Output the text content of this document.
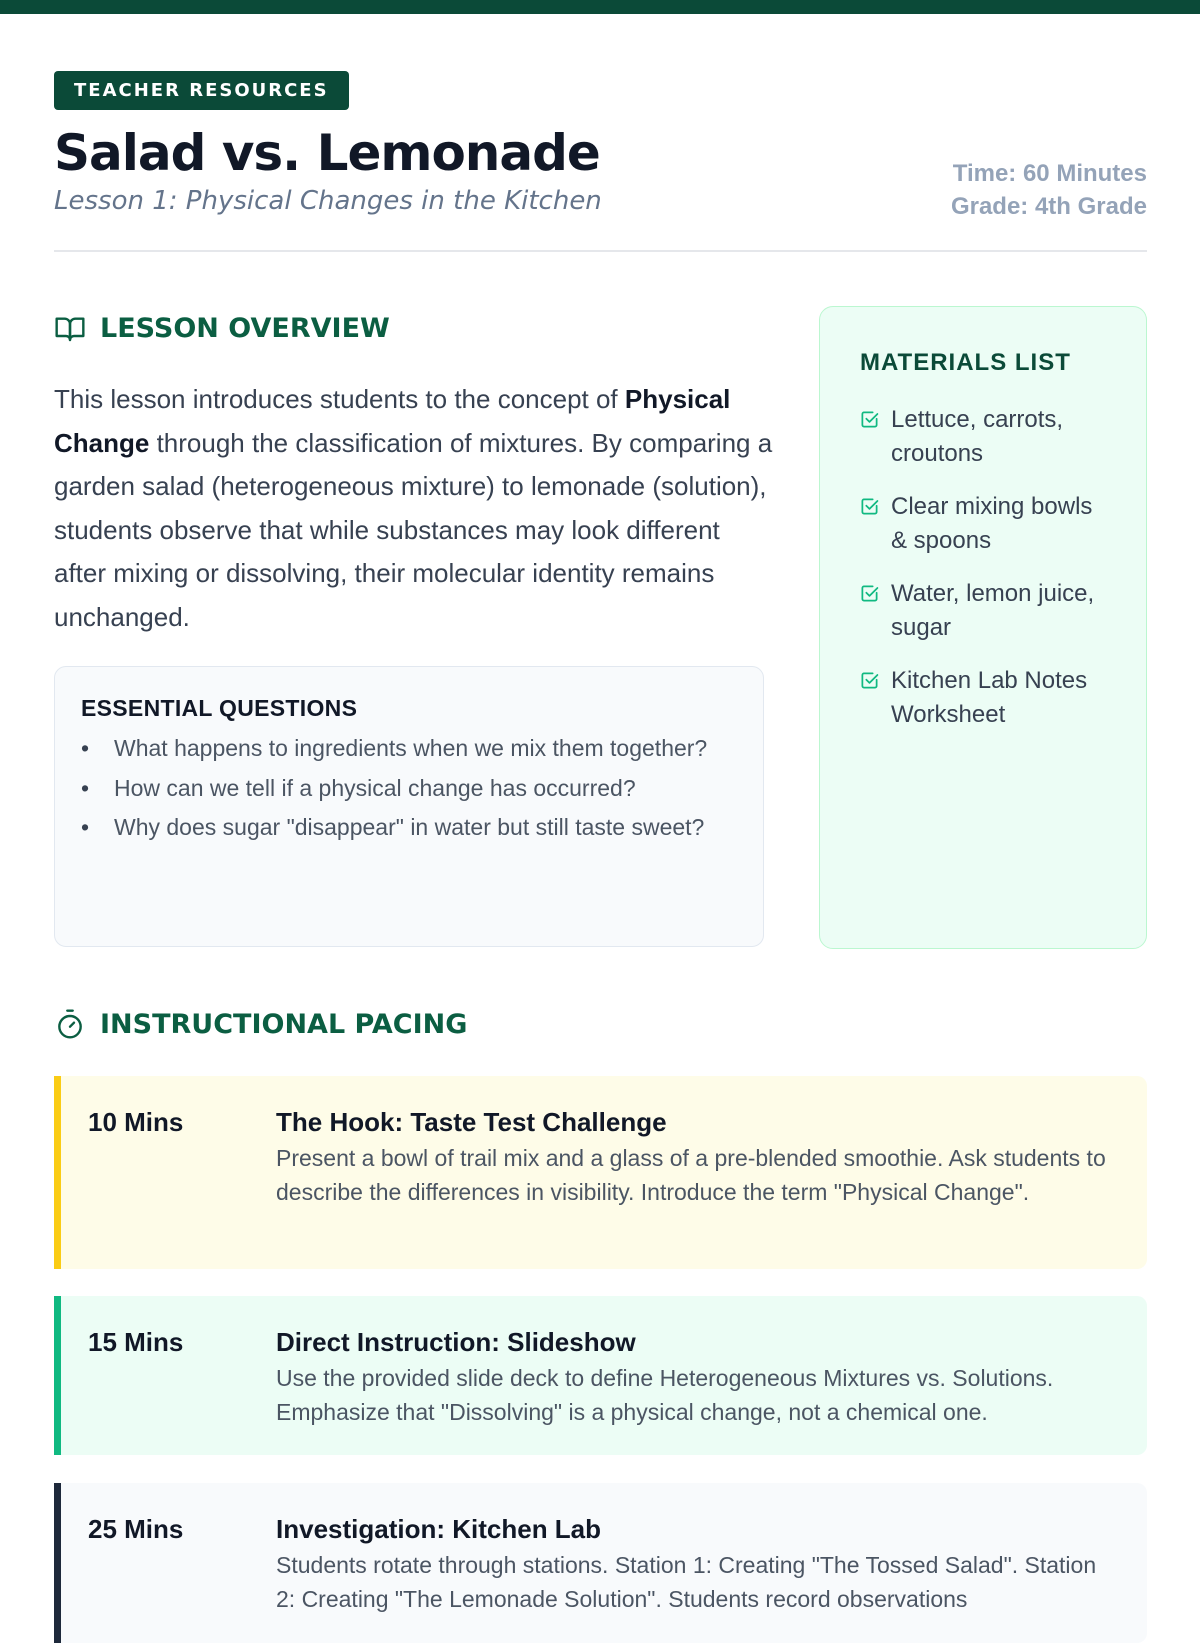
TEACHER RESOURCES
Salad vs. Lemonade

Lesson 1: Physical Changes in the Kitchen

Time: 60 Minutes
Grade: 4th Grade
LESSON OVERVIEW

This lesson introduces students to the concept of Physical Change through the classification of mixtures. By comparing a garden salad (heterogeneous mixture) to lemonade (solution), students observe that while substances may look different after mixing or dissolving, their molecular identity remains unchanged.

ESSENTIAL QUESTIONS
•What happens to ingredients when we mix them together?
•How can we tell if a physical change has occurred?
•Why does sugar "disappear" in water but still taste sweet?
MATERIALS LIST
Lettuce, carrots, croutons
Clear mixing bowls & spoons
Water, lemon juice, sugar
Kitchen Lab Notes Worksheet
INSTRUCTIONAL PACING
10 Mins	The Hook: Taste Test Challenge
Present a bowl of trail mix and a glass of a pre-blended smoothie. Ask students to describe the differences in visibility. Introduce the term "Physical Change".
15 Mins	Direct Instruction: Slideshow
Use the provided slide deck to define Heterogeneous Mixtures vs. Solutions. Emphasize that "Dissolving" is a physical change, not a chemical one.
25 Mins	Investigation: Kitchen Lab
Students rotate through stations. Station 1: Creating "The Tossed Salad". Station 2: Creating "The Lemonade Solution". Students record observations
